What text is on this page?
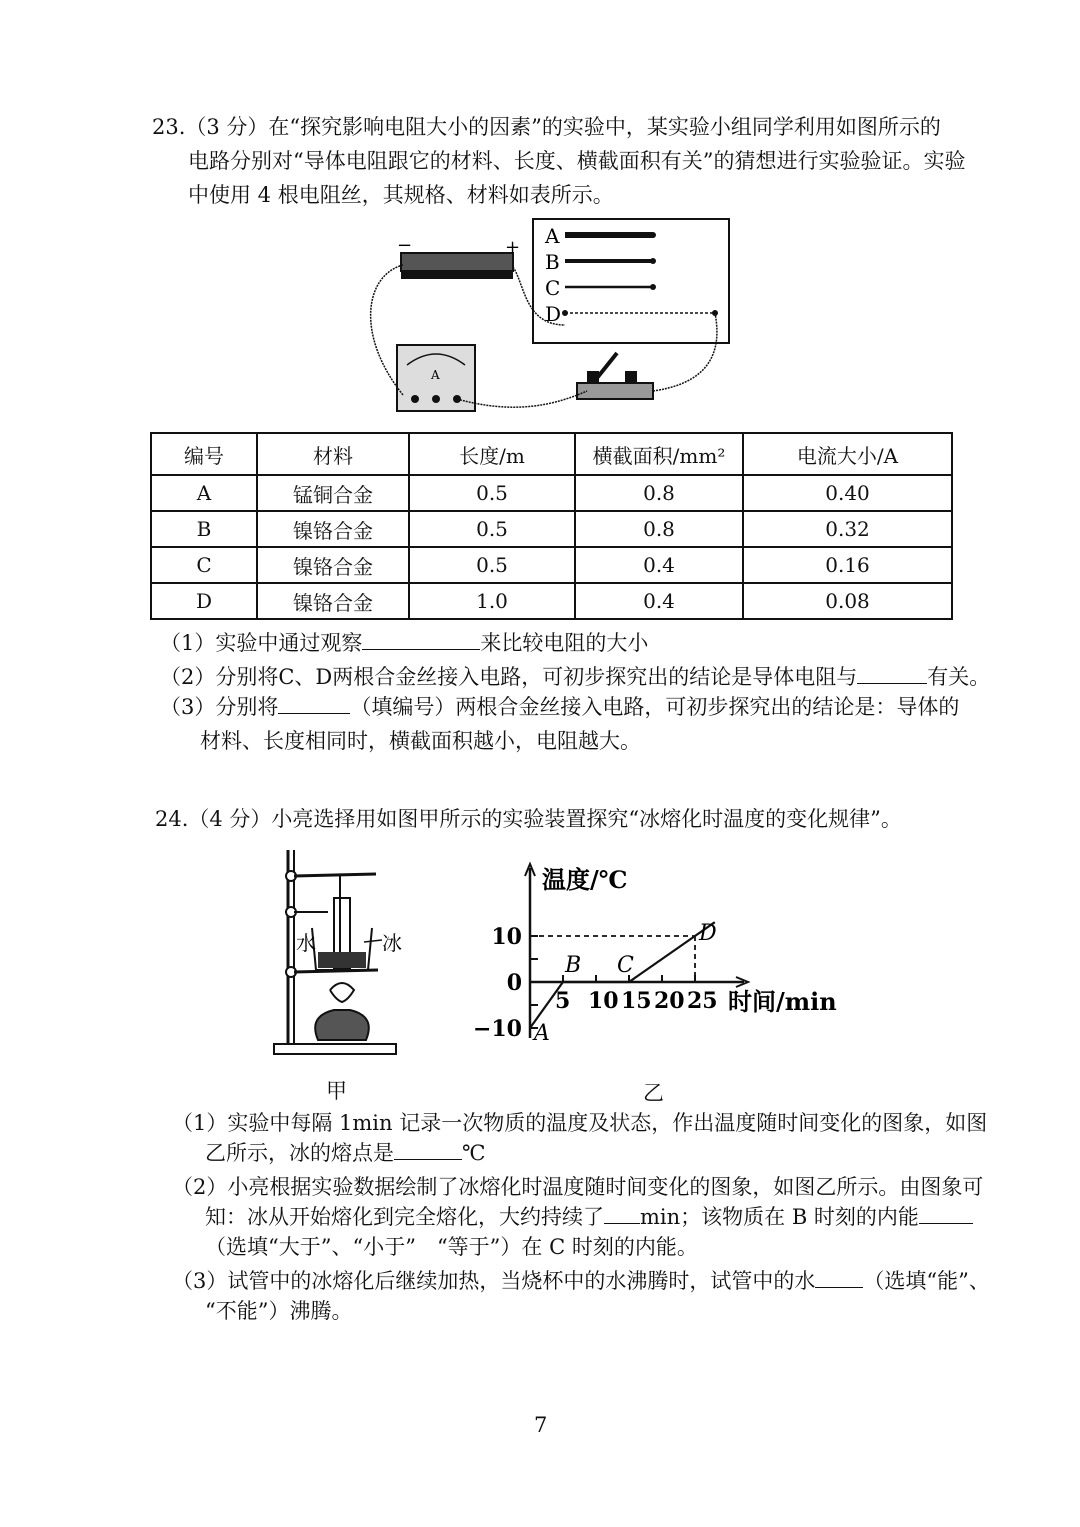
23.（3 分）在“探究影响电阻大小的因素”的实验中，某实验小组同学利用如图所示的
电路分别对“导体电阻跟它的材料、长度、横截面积有关”的猜想进行实验验证。实验
中使用 4 根电阻丝，其规格、材料如表所示。
A
B
C
D
−	+
A
编号	材料	长度/m	横截面积/mm²	电流大小/A
A	锰铜合金	0.5	0.8	0.40
B	镍铬合金	0.5	0.8	0.32
C	镍铬合金	0.5	0.4	0.16
D	镍铬合金	1.0	0.4	0.08
（1）实验中通过观察	来比较电阻的大小
（2）分别将C、D两根合金丝接入电路，可初步探究出的结论是导体电阻与	有关。
（3）分别将	（填编号）两根合金丝接入电路，可初步探究出的结论是：导体的
材料、长度相同时，横截面积越小，电阻越大。
24.（4 分）小亮选择用如图甲所示的实验装置探究“冰熔化时温度的变化规律”。
水	冰
甲
温度/℃
时间/min
5 10 15 20 25
10
0
−10 A
B C
D
乙
（1）实验中每隔 1min 记录一次物质的温度及状态，作出温度随时间变化的图象，如图
乙所示，冰的熔点是	℃
（2）小亮根据实验数据绘制了冰熔化时温度随时间变化的图象，如图乙所示。由图象可
知：冰从开始熔化到完全熔化，大约持续了 min；该物质在 B 时刻的内能
（选填“大于”、“小于”　“等于”）在 C 时刻的内能。
（3）试管中的冰熔化后继续加热，当烧杯中的水沸腾时，试管中的水 （选填“能”、
“不能”）沸腾。
7
